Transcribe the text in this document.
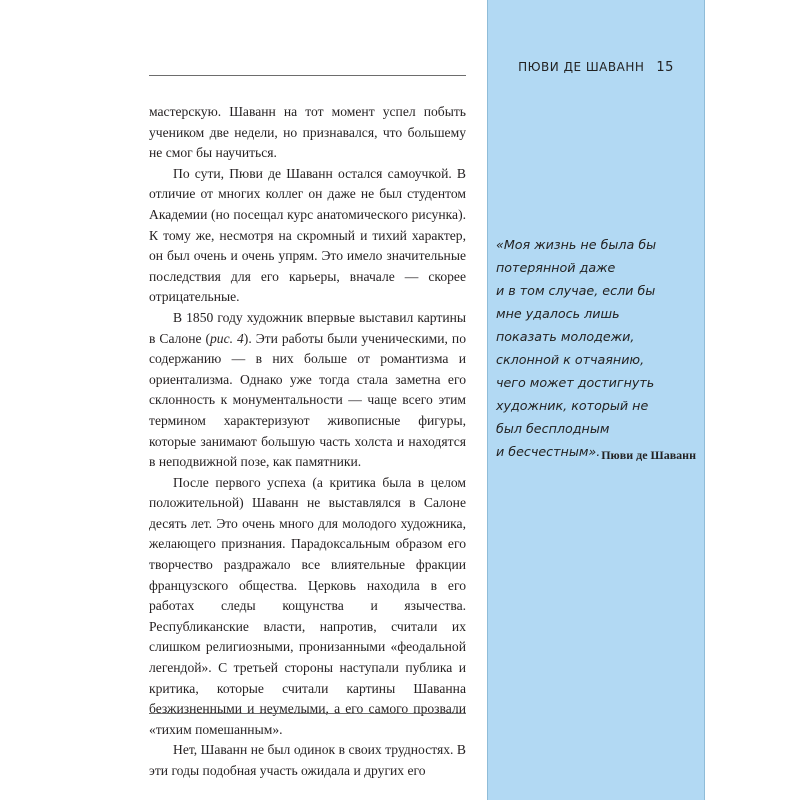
мастерскую. Шаванн на тот момент успел побыть учеником две недели, но признавался, что большему не смог бы научиться.

По сути, Пюви де Шаванн остался самоучкой. В отличие от многих коллег он даже не был студентом Академии (но посещал курс анатомического рисунка). К тому же, несмотря на скромный и тихий характер, он был очень и очень упрям. Это имело значительные последствия для его карьеры, вначале — скорее отрицательные.

В 1850 году художник впервые выставил картины в Салоне (рис. 4). Эти работы были ученическими, по содержанию — в них больше от романтизма и ориентализма. Однако уже тогда стала заметна его склонность к монументальности — чаще всего этим термином характеризуют живописные фигуры, которые занимают большую часть холста и находятся в неподвижной позе, как памятники.

После первого успеха (а критика была в целом положительной) Шаванн не выставлялся в Салоне десять лет. Это очень много для молодого художника, желающего признания. Парадоксальным образом его творчество раздражало все влиятельные фракции французского общества. Церковь находила в его работах следы кощунства и язычества. Республиканские власти, напротив, считали их слишком религиозными, пронизанными «феодальной легендой». С третьей стороны наступали публика и критика, которые считали картины Шаванна безжизненными и неумелыми, а его самого прозвали «тихим помешанным».

Нет, Шаванн не был одинок в своих трудностях. В эти годы подобная участь ожидала и других его

ПЮВИ ДЕ ШАВАНН 15
«Моя жизнь не была бы
потерянной даже
и в том случае, если бы
мне удалось лишь
показать молодежи,
склонной к отчаянию,
чего может достигнуть
художник, который не
был бесплодным
и бесчестным». Пюви де Шаванн
